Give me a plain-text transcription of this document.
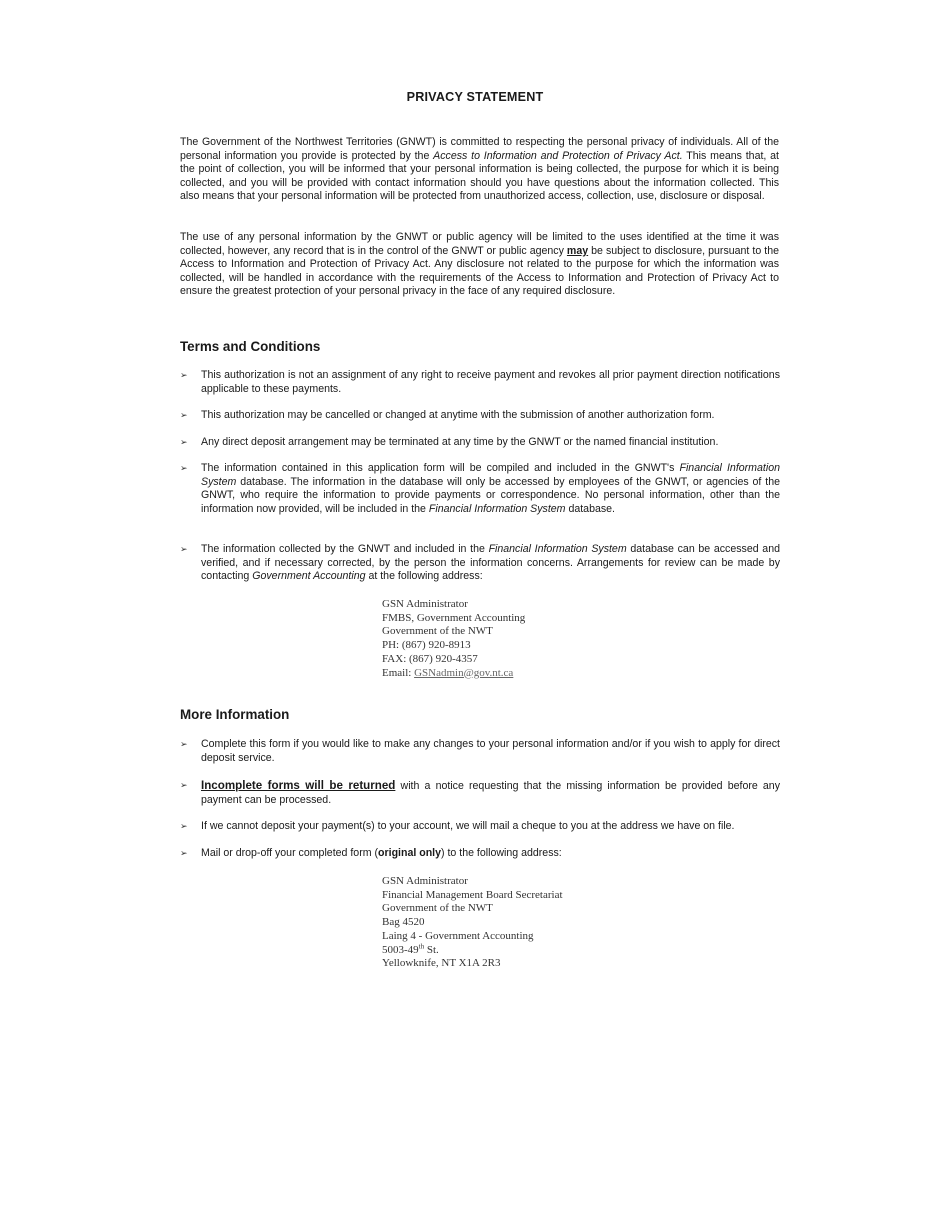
PRIVACY STATEMENT

The Government of the Northwest Territories (GNWT) is committed to respecting the personal privacy of individuals. All of the personal information you provide is protected by the Access to Information and Protection of Privacy Act. This means that, at the point of collection, you will be informed that your personal information is being collected, the purpose for which it is being collected, and you will be provided with contact information should you have questions about the information collected. This also means that your personal information will be protected from unauthorized access, collection, use, disclosure or disposal.

The use of any personal information by the GNWT or public agency will be limited to the uses identified at the time it was collected, however, any record that is in the control of the GNWT or public agency may be subject to disclosure, pursuant to the Access to Information and Protection of Privacy Act. Any disclosure not related to the purpose for which the information was collected, will be handled in accordance with the requirements of the Access to Information and Protection of Privacy Act to ensure the greatest protection of your personal privacy in the face of any required disclosure.

Terms and Conditions
➢	This authorization is not an assignment of any right to receive payment and revokes all prior payment direction notifications applicable to these payments.
➢	This authorization may be cancelled or changed at anytime with the submission of another authorization form.
➢	Any direct deposit arrangement may be terminated at any time by the GNWT or the named financial institution.
➢	The information contained in this application form will be compiled and included in the GNWT's Financial Information System database. The information in the database will only be accessed by employees of the GNWT, or agencies of the GNWT, who require the information to provide payments or correspondence. No personal information, other than the information now provided, will be included in the Financial Information System database.
➢	The information collected by the GNWT and included in the Financial Information System database can be accessed and verified, and if necessary corrected, by the person the information concerns. Arrangements for review can be made by contacting Government Accounting at the following address:
GSN Administrator
FMBS, Government Accounting
Government of the NWT
PH: (867) 920-8913
FAX: (867) 920-4357
Email: GSNadmin@gov.nt.ca
More Information
➢	Complete this form if you would like to make any changes to your personal information and/or if you wish to apply for direct deposit service.
➢	Incomplete forms will be returned with a notice requesting that the missing information be provided before any payment can be processed.
➢	If we cannot deposit your payment(s) to your account, we will mail a cheque to you at the address we have on file.
➢	Mail or drop-off your completed form (original only) to the following address:
GSN Administrator
Financial Management Board Secretariat
Government of the NWT
Bag 4520
Laing 4 - Government Accounting
5003-49th St.
Yellowknife, NT X1A 2R3
